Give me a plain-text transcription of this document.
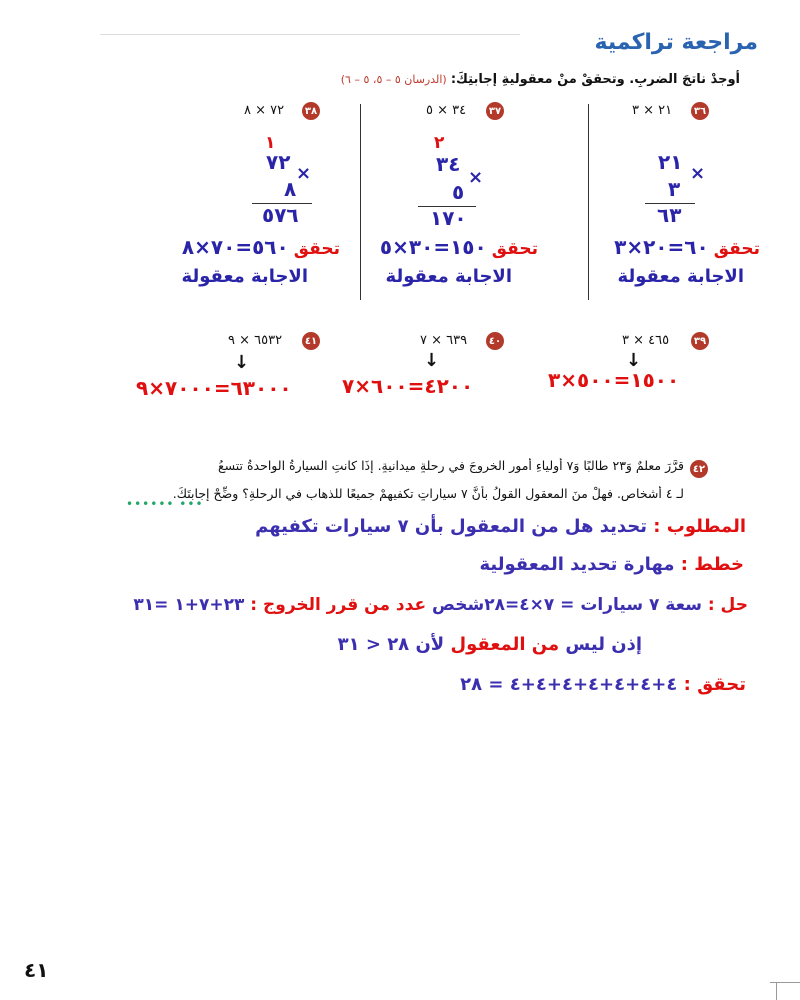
مراجعة تراكمية
أوجدْ ناتجَ الضربِ. وتحققْ منْ معقوليةِ إجابتِكَ: (الدرسان ٥ – ٥، ٥ – ٦)
٣٦
٢١ × ٣
٢١ ×
٣
٦٣
تحقق ٦٠=٢٠×٣
الاجابة معقولة
٣٧
٣٤ × ٥
٢
٣٤
×
٥
١٧٠
تحقق ١٥٠=٣٠×٥
الاجابة معقولة
٣٨
٧٢ × ٨
١
٧٢ ×
٨
٥٧٦
تحقق ٥٦٠=٧٠×٨
الاجابة معقولة
٣٩
٤٦٥ × ٣
↓
١٥٠٠=٥٠٠×٣
٤٠
٦٣٩ × ٧
↓
٤٢٠٠=٦٠٠×٧
٤١
٦٥٣٢ × ٩
↓
٦٣٠٠٠=٧٠٠٠×٩
٤٢
قرَّرَ معلمٌ وَ٢٣ طالبًا وَ٧ أولياءِ أمورِ الخروجَ في رحلةٍ ميدانيةٍ. إذَا كانتِ السيارةُ الواحدةُ تتسعُ
لـ ٤ أشخاصٍ. فهلْ منَ المعقولِ القولُ بأنَّ ٧ سياراتٍ تكفيهِمْ جميعًا للذهابِ في الرحلةِ؟ وضِّحْ إجابتَكَ.
•••••• •••
المطلوب : تحديد هل من المعقول بأن ٧ سيارات تكفيهم
خطط : مهارة تحديد المعقولية
حل : سعة ٧ سيارات = ٧×٤=٢٨شخص عدد من قرر الخروج : ٢٣+٧+١ =٣١
إذن ليس من المعقول لأن ٢٨ < ٣١
تحقق : ٤+٤+٤+٤+٤+٤+٤ = ٢٨
٤١
